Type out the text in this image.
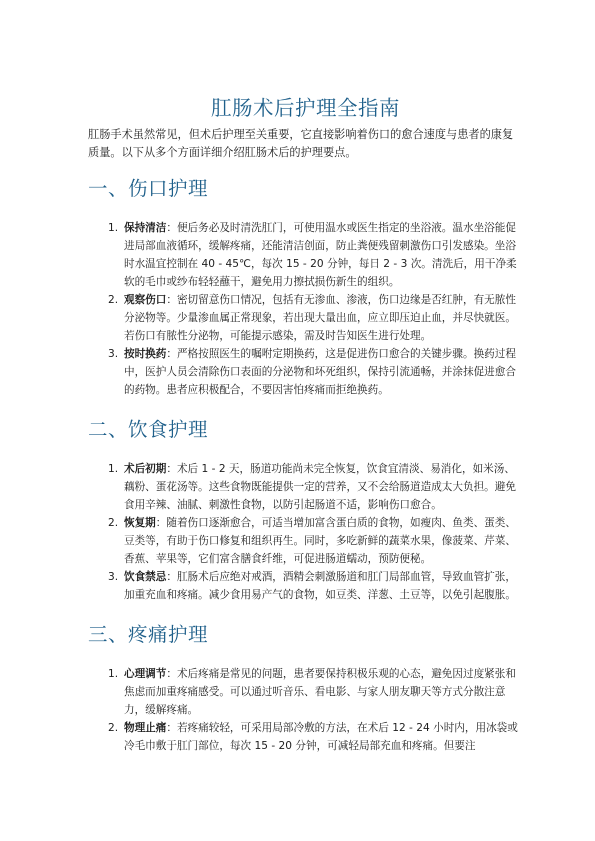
肛肠术后护理全指南

肛肠手术虽然常见，但术后护理至关重要，它直接影响着伤口的愈合速度与患者的康复质量。以下从多个方面详细介绍肛肠术后的护理要点。

一、伤口护理
1. 保持清洁：便后务必及时清洗肛门，可使用温水或医生指定的坐浴液。温水坐浴能促进局部血液循环，缓解疼痛，还能清洁创面，防止粪便残留刺激伤口引发感染。坐浴时水温宜控制在 40 - 45℃，每次 15 - 20 分钟，每日 2 - 3 次。清洗后，用干净柔软的毛巾或纱布轻轻蘸干，避免用力擦拭损伤新生的组织。
2. 观察伤口：密切留意伤口情况，包括有无渗血、渗液，伤口边缘是否红肿，有无脓性分泌物等。少量渗血属正常现象，若出现大量出血，应立即压迫止血，并尽快就医。若伤口有脓性分泌物，可能提示感染，需及时告知医生进行处理。
3. 按时换药：严格按照医生的嘱咐定期换药，这是促进伤口愈合的关键步骤。换药过程中，医护人员会清除伤口表面的分泌物和坏死组织，保持引流通畅，并涂抹促进愈合的药物。患者应积极配合，不要因害怕疼痛而拒绝换药。
二、饮食护理
1. 术后初期：术后 1 - 2 天，肠道功能尚未完全恢复，饮食宜清淡、易消化，如米汤、藕粉、蛋花汤等。这些食物既能提供一定的营养，又不会给肠道造成太大负担。避免食用辛辣、油腻、刺激性食物，以防引起肠道不适，影响伤口愈合。
2. 恢复期：随着伤口逐渐愈合，可适当增加富含蛋白质的食物，如瘦肉、鱼类、蛋类、豆类等，有助于伤口修复和组织再生。同时，多吃新鲜的蔬菜水果，像菠菜、芹菜、香蕉、苹果等，它们富含膳食纤维，可促进肠道蠕动，预防便秘。
3. 饮食禁忌：肛肠术后应绝对戒酒，酒精会刺激肠道和肛门局部血管，导致血管扩张，加重充血和疼痛。减少食用易产气的食物，如豆类、洋葱、土豆等，以免引起腹胀。
三、疼痛护理
1. 心理调节：术后疼痛是常见的问题，患者要保持积极乐观的心态，避免因过度紧张和焦虑而加重疼痛感受。可以通过听音乐、看电影、与家人朋友聊天等方式分散注意力，缓解疼痛。
2. 物理止痛：若疼痛较轻，可采用局部冷敷的方法，在术后 12 - 24 小时内，用冰袋或冷毛巾敷于肛门部位，每次 15 - 20 分钟，可减轻局部充血和疼痛。但要注
